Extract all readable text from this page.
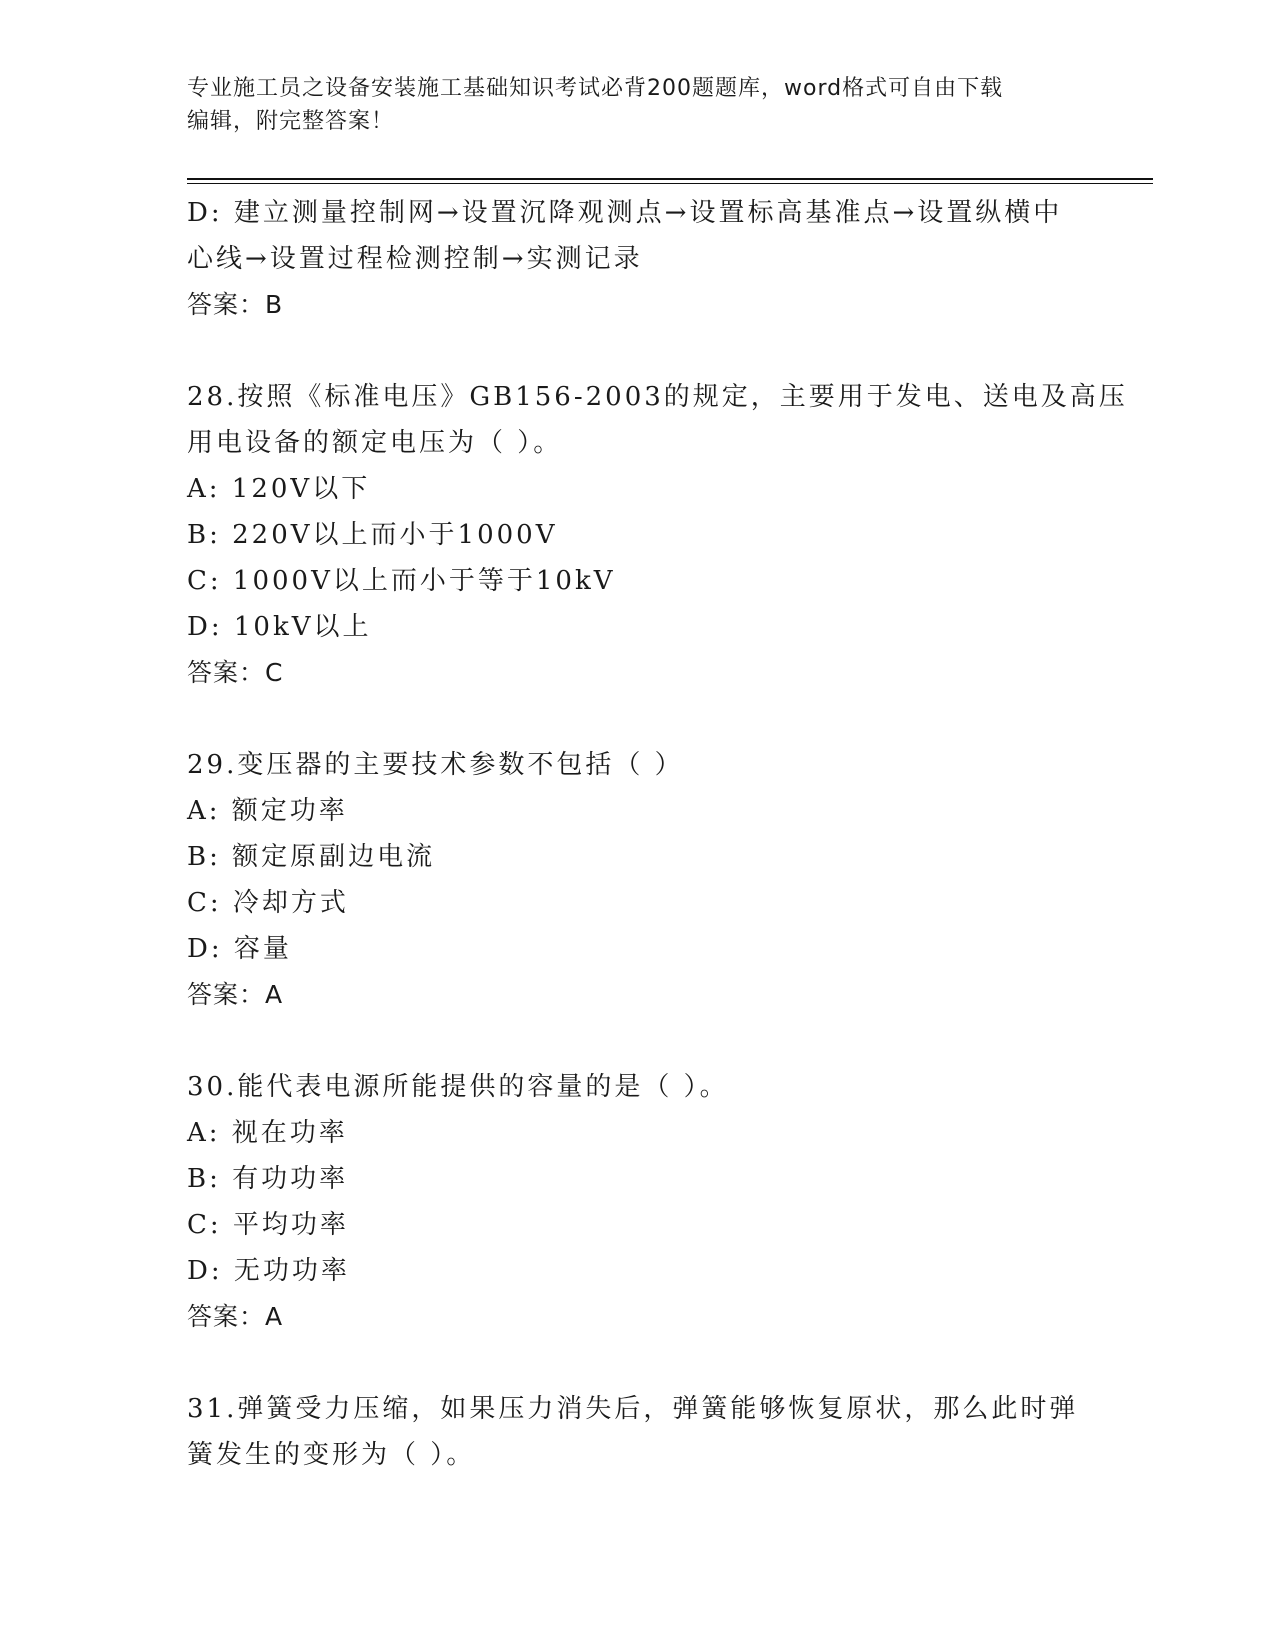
专业施工员之设备安装施工基础知识考试必背200题题库，word格式可自由下载
编辑，附完整答案！
D: 建立测量控制网→设置沉降观测点→设置标高基准点→设置纵横中
心线→设置过程检测控制→实测记录
答案：B
28.按照《标准电压》GB156-2003的规定，主要用于发电、送电及高压
用电设备的额定电压为（ ）。
A: 120V以下
B: 220V以上而小于1000V
C: 1000V以上而小于等于10kV
D: 10kV以上
答案：C
29.变压器的主要技术参数不包括（ ）
A: 额定功率
B: 额定原副边电流
C: 冷却方式
D: 容量
答案：A
30.能代表电源所能提供的容量的是（ ）。
A: 视在功率
B: 有功功率
C: 平均功率
D: 无功功率
答案：A
31.弹簧受力压缩，如果压力消失后，弹簧能够恢复原状，那么此时弹
簧发生的变形为（ ）。
